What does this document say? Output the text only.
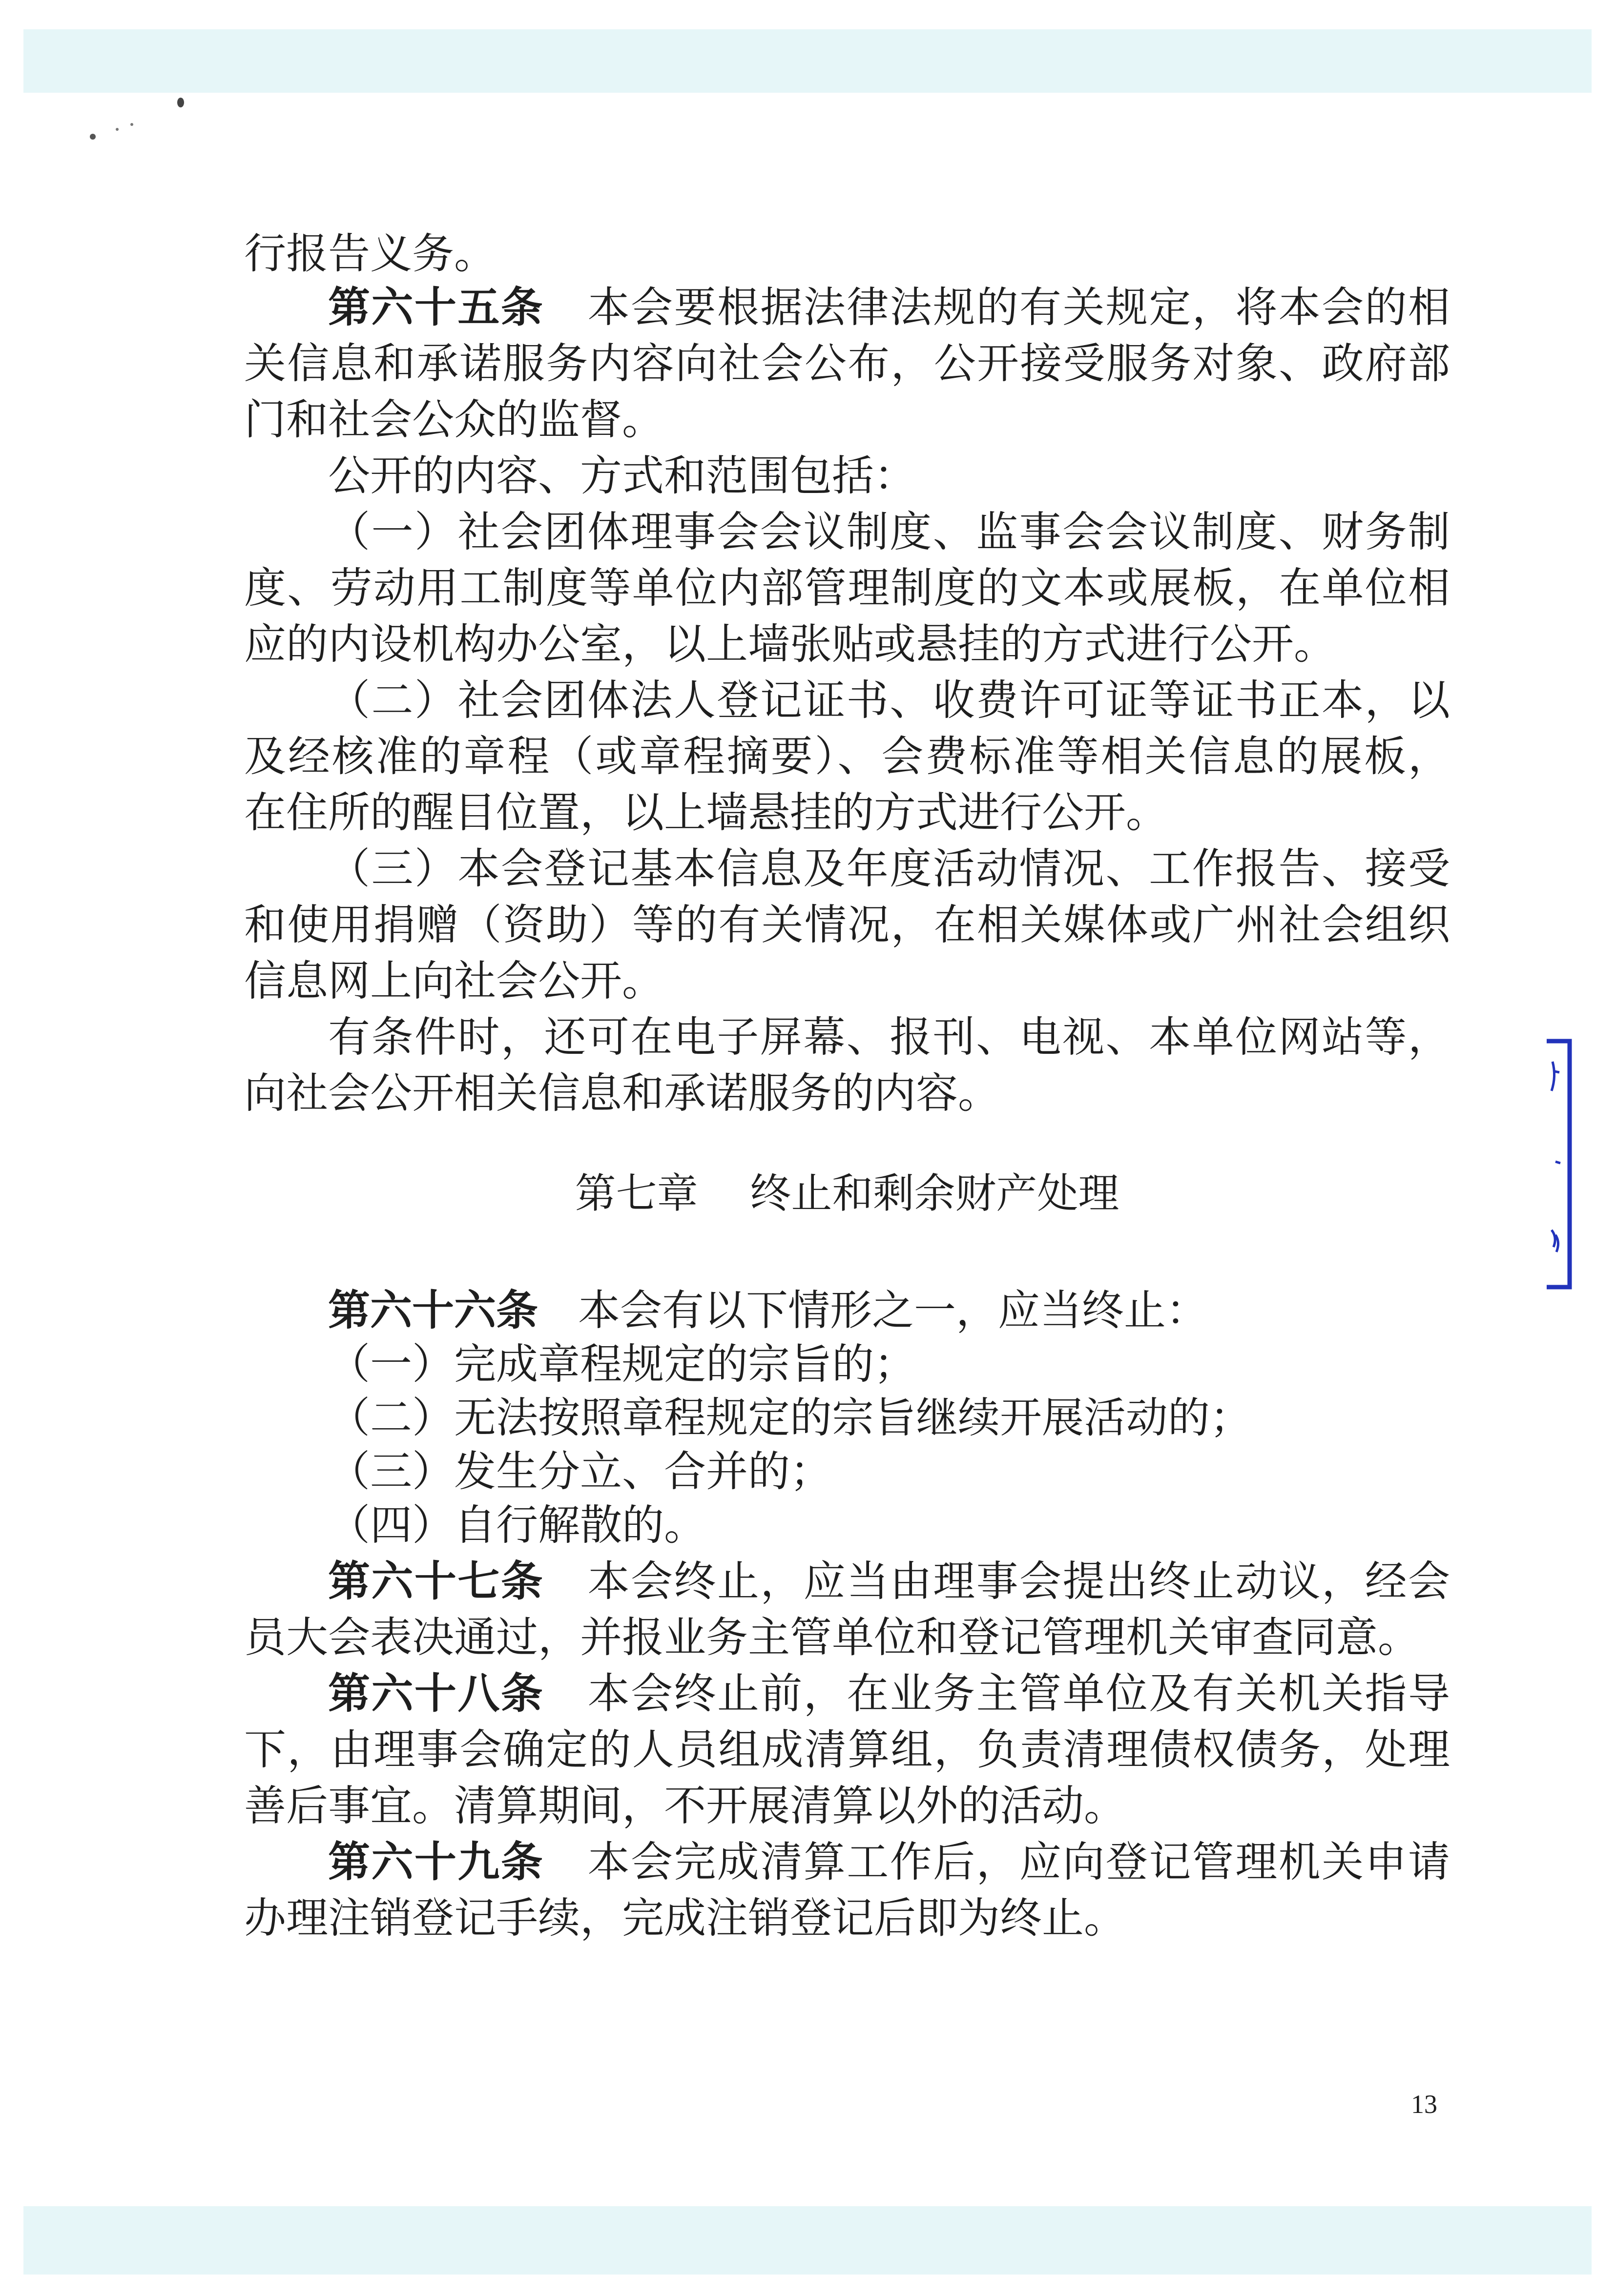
行报告义务。
第六十五条 本会要根据法律法规的有关规定，将本会的相
关信息和承诺服务内容向社会公布，公开接受服务对象、政府部
门和社会公众的监督。
公开的内容、方式和范围包括：
（一）社会团体理事会会议制度、监事会会议制度、财务制
度、劳动用工制度等单位内部管理制度的文本或展板，在单位相
应的内设机构办公室，以上墙张贴或悬挂的方式进行公开。
（二）社会团体法人登记证书、收费许可证等证书正本，以
及经核准的章程（或章程摘要）、会费标准等相关信息的展板，
在住所的醒目位置，以上墙悬挂的方式进行公开。
（三）本会登记基本信息及年度活动情况、工作报告、接受
和使用捐赠（资助）等的有关情况，在相关媒体或广州社会组织
信息网上向社会公开。
有条件时，还可在电子屏幕、报刊、电视、本单位网站等，
向社会公开相关信息和承诺服务的内容。
第七章 终止和剩余财产处理
第六十六条 本会有以下情形之一，应当终止：
（一）完成章程规定的宗旨的；
（二）无法按照章程规定的宗旨继续开展活动的；
（三）发生分立、合并的；
（四）自行解散的。
第六十七条 本会终止，应当由理事会提出终止动议，经会
员大会表决通过，并报业务主管单位和登记管理机关审查同意。
第六十八条 本会终止前，在业务主管单位及有关机关指导
下，由理事会确定的人员组成清算组，负责清理债权债务，处理
善后事宜。清算期间，不开展清算以外的活动。
第六十九条 本会完成清算工作后，应向登记管理机关申请
办理注销登记手续，完成注销登记后即为终止。
13
